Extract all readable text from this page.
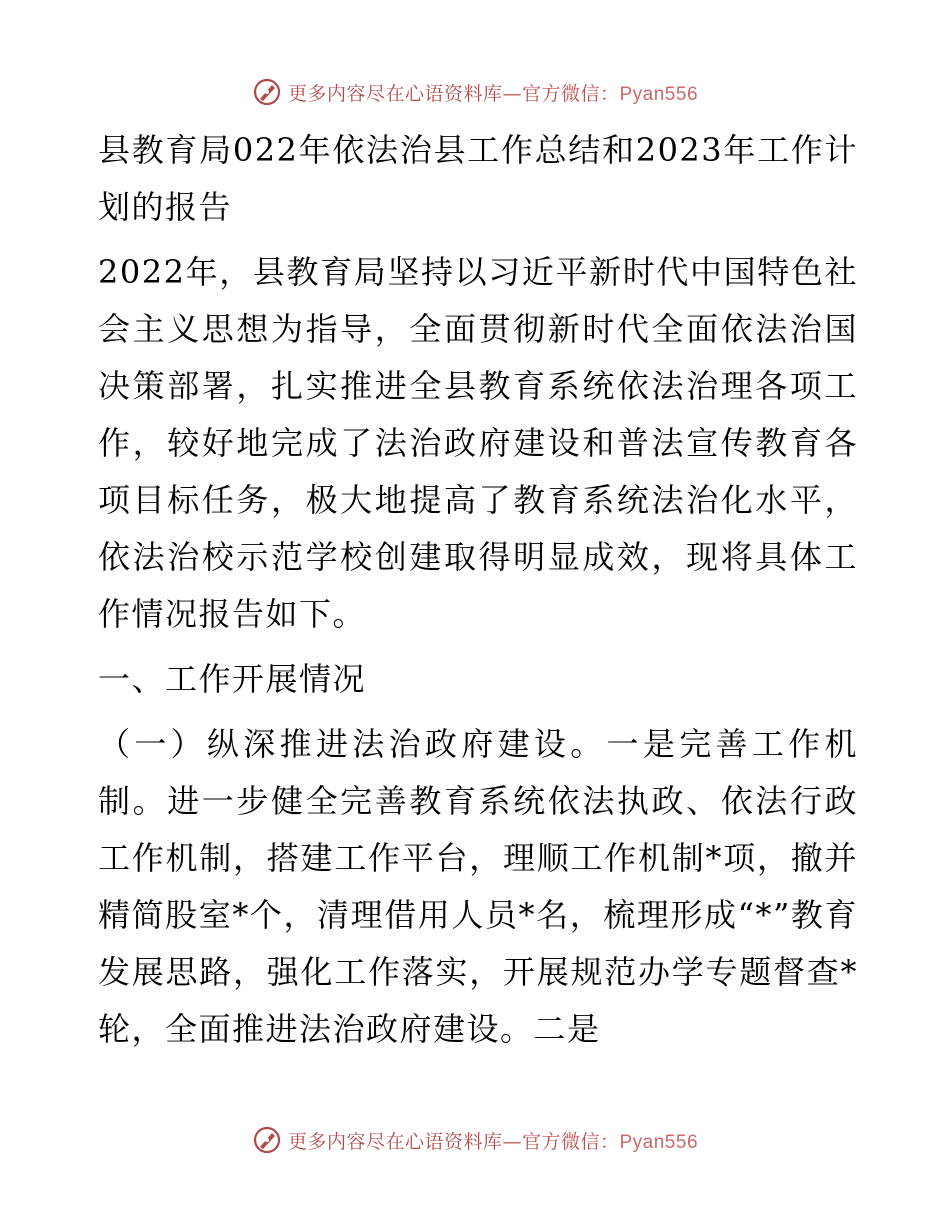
更多内容尽在心语资料库—官方微信：Pyan556

县教育局022年依法治县工作总结和2023年工作计划的报告

2022年，县教育局坚持以习近平新时代中国特色社会主义思想为指导，全面贯彻新时代全面依法治国决策部署，扎实推进全县教育系统依法治理各项工作，较好地完成了法治政府建设和普法宣传教育各项目标任务，极大地提高了教育系统法治化水平，依法治校示范学校创建取得明显成效，现将具体工作情况报告如下。

一、工作开展情况

（一）纵深推进法治政府建设。一是完善工作机制。进一步健全完善教育系统依法执政、依法行政工作机制，搭建工作平台，理顺工作机制*项，撤并精简股室*个，清理借用人员*名，梳理形成“*”教育发展思路，强化工作落实，开展规范办学专题督查*轮，全面推进法治政府建设。二是

更多内容尽在心语资料库—官方微信：Pyan556
